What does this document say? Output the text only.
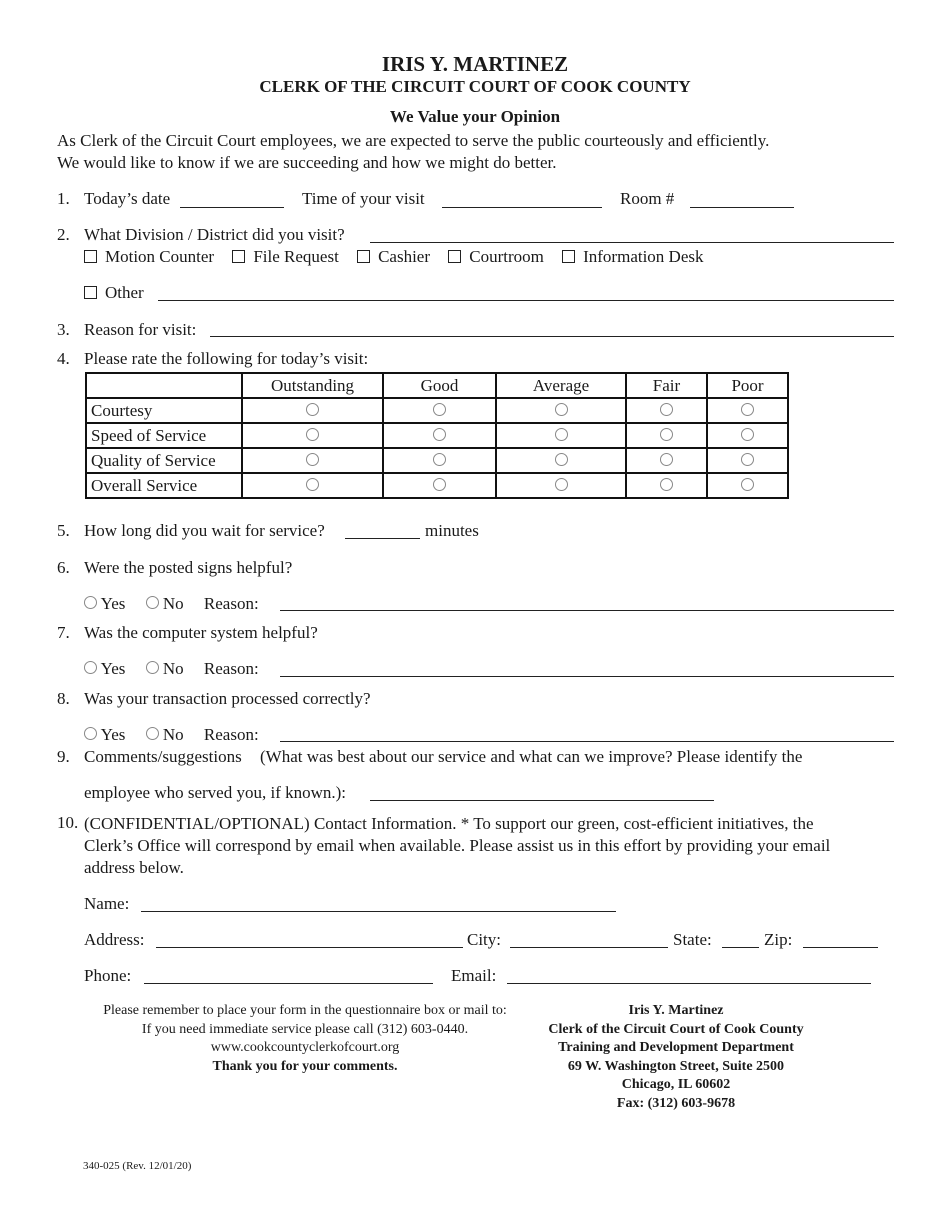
IRIS Y. MARTINEZ
CLERK OF THE CIRCUIT COURT OF COOK COUNTY
We Value your Opinion
As Clerk of the Circuit Court employees, we are expected to serve the public courteously and efficiently.
We would like to know if we are succeeding and how we might do better.
1. Today’s date	Time of your visit	Room #
2. What Division / District did you visit?
Motion Counter File Request Cashier Courtroom Information Desk
Other
3. Reason for visit:
4. Please rate the following for today’s visit:
	Outstanding	Good	Average	Fair	Poor
Courtesy					
Speed of Service					
Quality of Service					
Overall Service					
5. How long did you wait for service?	minutes
6. Were the posted signs helpful?
Yes No Reason:
7. Was the computer system helpful?
Yes No Reason:
8. Was your transaction processed correctly?
Yes No Reason:
9. Comments/suggestions (What was best about our service and what can we improve? Please identify the
employee who served you, if known.):
10. (CONFIDENTIAL/OPTIONAL) Contact Information. * To support our green, cost-efficient initiatives, the
Clerk’s Office will correspond by email when available. Please assist us in this effort by providing your email
address below.
Name:
Address:	City:	State:	Zip:
Phone:	Email:
Please remember to place your form in the questionnaire box or mail to:
If you need immediate service please call (312) 603-0440.
www.cookcountyclerkofcourt.org
Thank you for your comments.
Iris Y. Martinez
Clerk of the Circuit Court of Cook County
Training and Development Department
69 W. Washington Street, Suite 2500
Chicago, IL 60602
Fax: (312) 603-9678
340-025 (Rev. 12/01/20)
